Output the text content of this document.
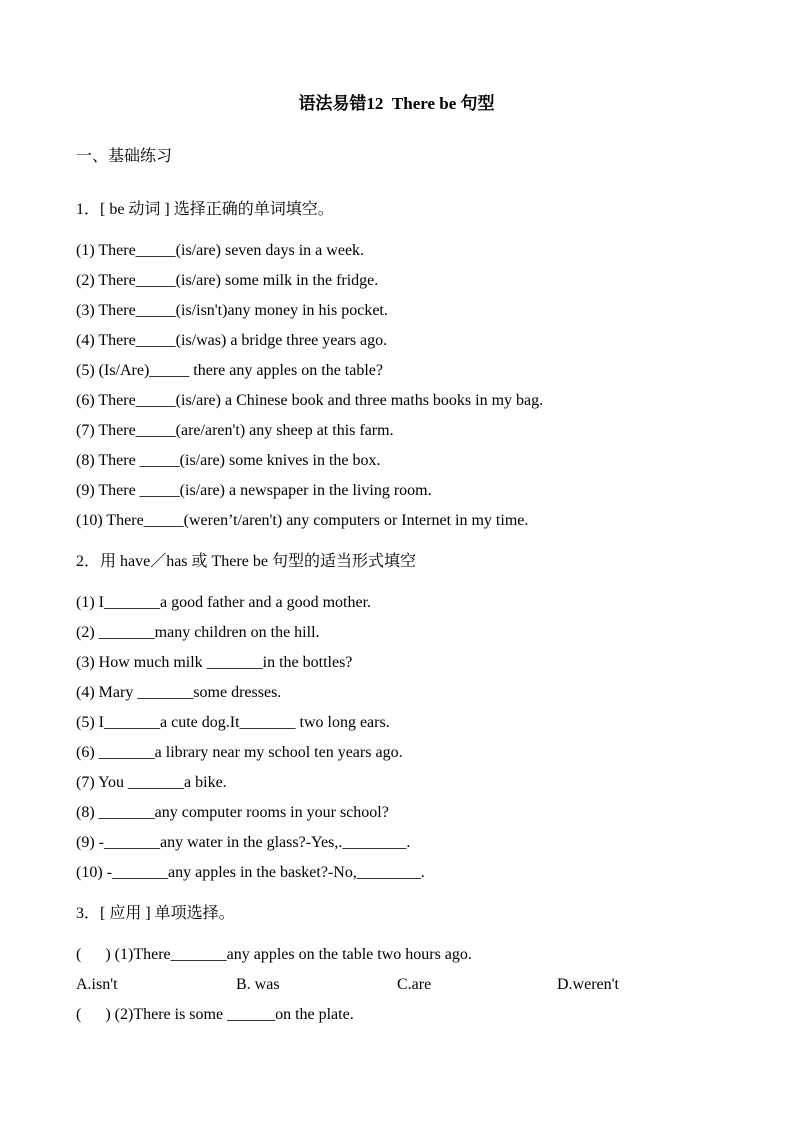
语法易错12  There be 句型
一、基础练习
1．[ be 动词 ] 选择正确的单词填空。
(1) There_____(is/are) seven days in a week.
(2) There_____(is/are) some milk in the fridge.
(3) There_____(is/isn't)any money in his pocket.
(4) There_____(is/was) a bridge three years ago.
(5) (Is/Are)_____ there any apples on the table?
(6) There_____(is/are) a Chinese book and three maths books in my bag.
(7) There_____(are/aren't) any sheep at this farm.
(8) There _____(is/are) some knives in the box.
(9) There _____(is/are) a newspaper in the living room.
(10) There_____(weren’t/aren't) any computers or Internet in my time.
2．用 have／has 或 There be 句型的适当形式填空
(1) I_______a good father and a good mother.
(2) _______many children on the hill.
(3) How much milk _______in the bottles?
(4) Mary _______some dresses.
(5) I_______a cute dog.It_______ two long ears.
(6) _______a library near my school ten years ago.
(7) You _______a bike.
(8) _______any computer rooms in your school?
(9) -_______any water in the glass?-Yes,.________.
(10) -_______any apples in the basket?-No,________.
3．[ 应用 ] 单项选择。
(      ) (1)There_______any apples on the table two hours ago.
A.isn't	B. was	C.are	D.weren't
(      ) (2)There is some ______on the plate.
